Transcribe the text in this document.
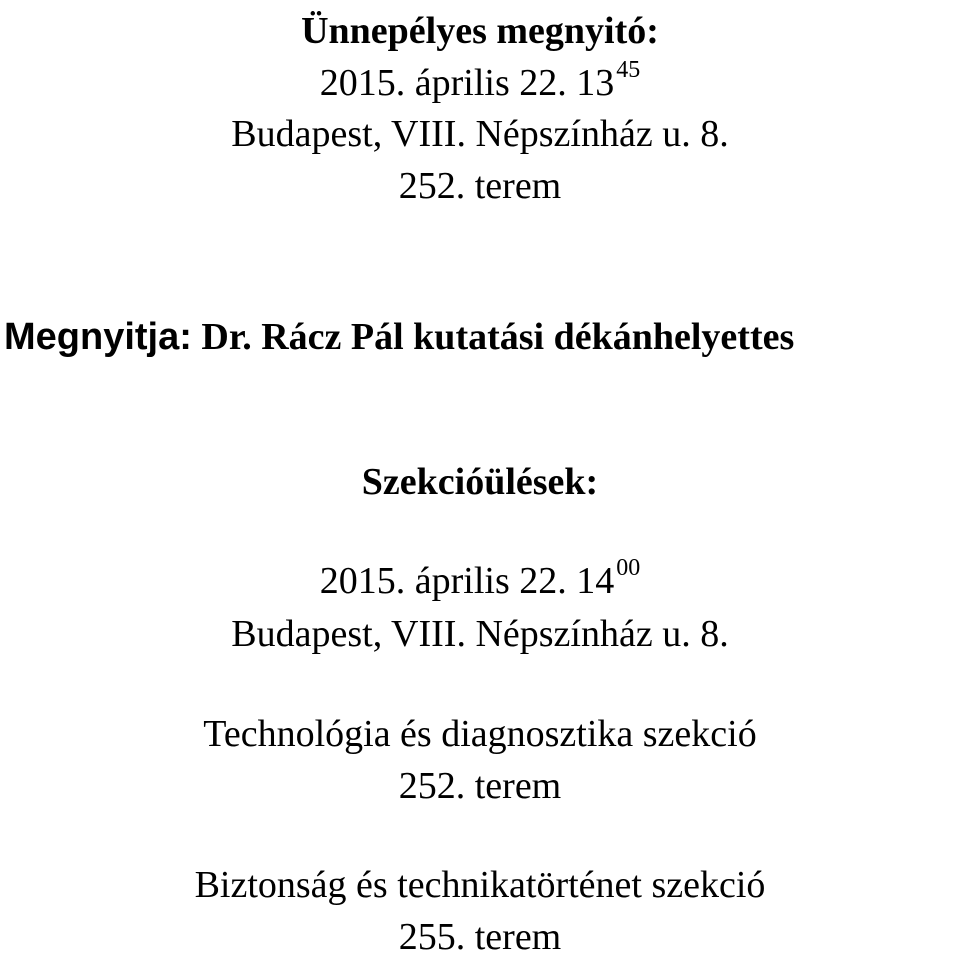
Ünnepélyes megnyitó:
2015. április 22. $13^{45}$
Budapest, VIII. Népszínház u. 8.
252. terem
Megnyitja: Dr. Rácz Pál kutatási dékánhelyettes
Szekcióülések:
2015. április 22. $14^{00}$
Budapest, VIII. Népszínház u. 8.
Technológia és diagnosztika szekció
252. terem
Biztonság és technikatörténet szekció
255. terem
